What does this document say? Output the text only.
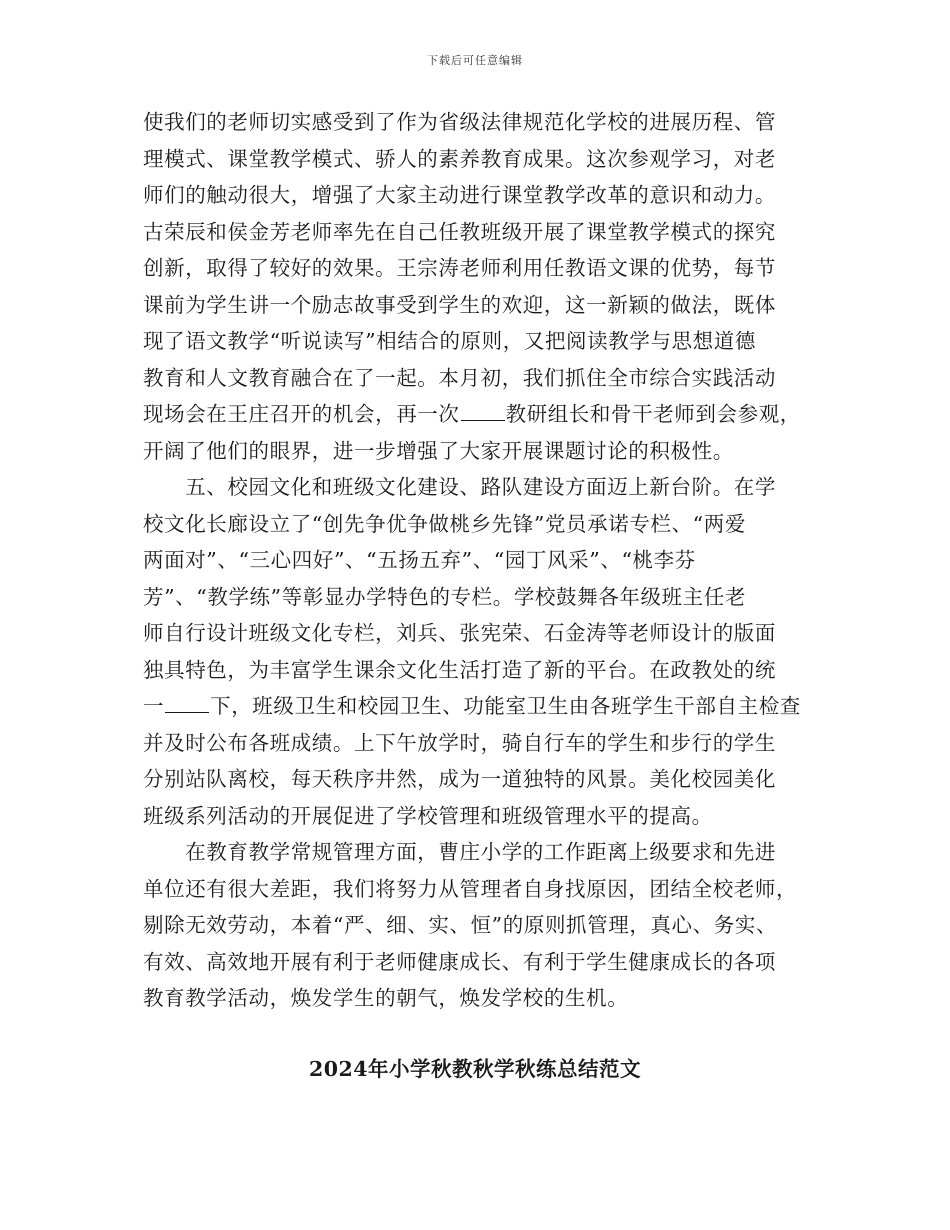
下载后可任意编辑
使我们的老师切实感受到了作为省级法律规范化学校的进展历程、管
理模式、课堂教学模式、骄人的素养教育成果。这次参观学习，对老
师们的触动很大，增强了大家主动进行课堂教学改革的意识和动力。
古荣辰和侯金芳老师率先在自己任教班级开展了课堂教学模式的探究
创新，取得了较好的效果。王宗涛老师利用任教语文课的优势，每节
课前为学生讲一个励志故事受到学生的欢迎，这一新颖的做法，既体
现了语文教学“听说读写”相结合的原则，又把阅读教学与思想道德
教育和人文教育融合在了一起。本月初，我们抓住全市综合实践活动
现场会在王庄召开的机会，再一次 教研组长和骨干老师到会参观，
开阔了他们的眼界，进一步增强了大家开展课题讨论的积极性。
　　五、校园文化和班级文化建设、路队建设方面迈上新台阶。在学
校文化长廊设立了“创先争优争做桃乡先锋”党员承诺专栏、“两爱
两面对”、“三心四好”、“五扬五弃”、“园丁风采”、“桃李芬
芳”、“教学练”等彰显办学特色的专栏。学校鼓舞各年级班主任老
师自行设计班级文化专栏，刘兵、张宪荣、石金涛等老师设计的版面
独具特色，为丰富学生课余文化生活打造了新的平台。在政教处的统
一 下，班级卫生和校园卫生、功能室卫生由各班学生干部自主检查
并及时公布各班成绩。上下午放学时，骑自行车的学生和步行的学生
分别站队离校，每天秩序井然，成为一道独特的风景。美化校园美化
班级系列活动的开展促进了学校管理和班级管理水平的提高。
　　在教育教学常规管理方面，曹庄小学的工作距离上级要求和先进
单位还有很大差距，我们将努力从管理者自身找原因，团结全校老师，
剔除无效劳动，本着“严、细、实、恒”的原则抓管理，真心、务实、
有效、高效地开展有利于老师健康成长、有利于学生健康成长的各项
教育教学活动，焕发学生的朝气，焕发学校的生机。
2024年小学秋教秋学秋练总结范文
